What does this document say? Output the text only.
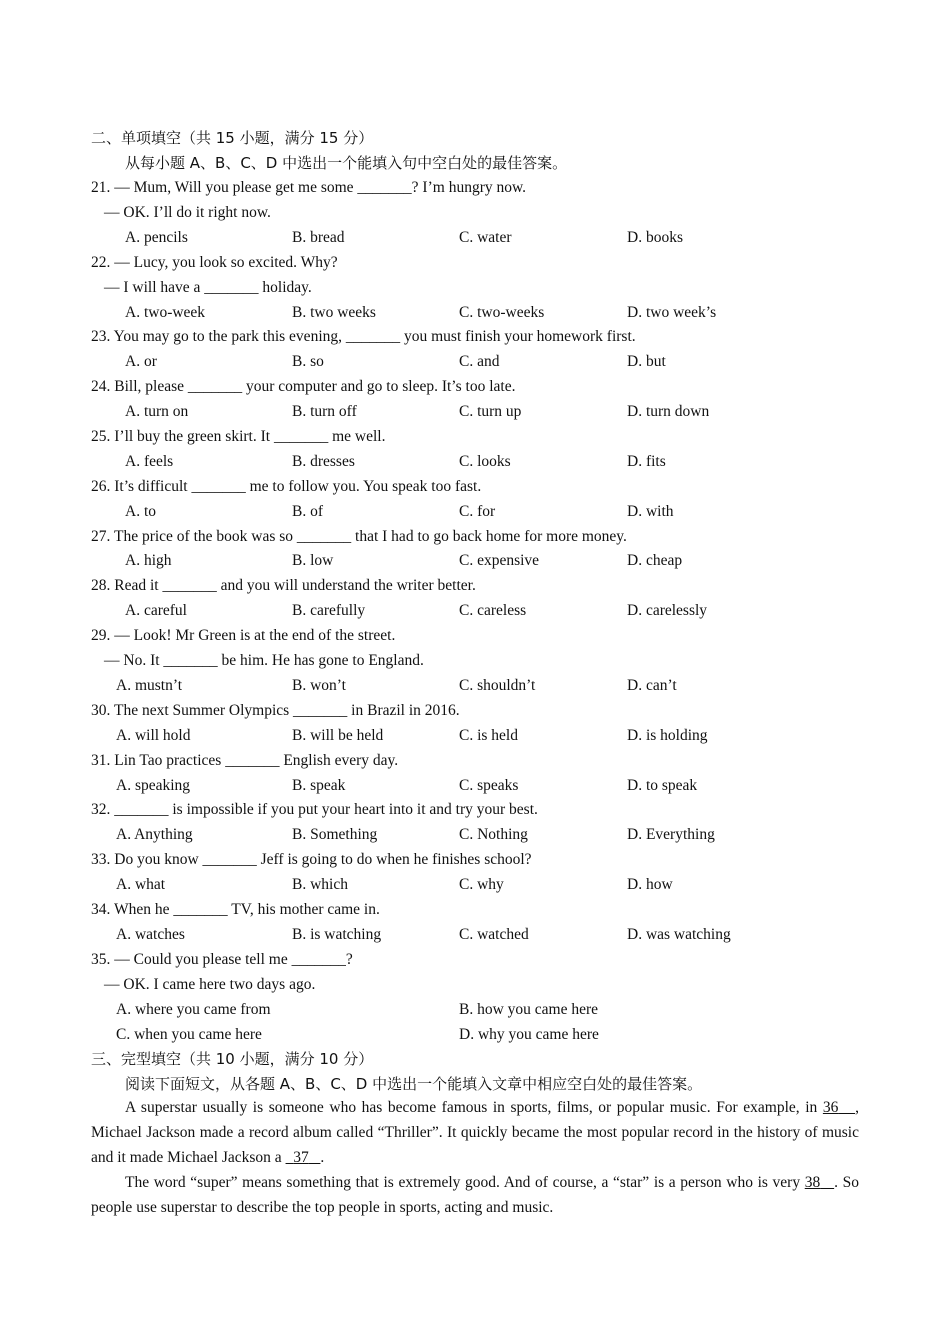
二、单项填空（共 15 小题，满分 15 分）
从每小题 A、B、C、D 中选出一个能填入句中空白处的最佳答案。
21. — Mum, Will you please get me some _______? I’m hungry now.
— OK. I’ll do it right now.
A. pencils	B. bread	C. water	D. books
22. — Lucy, you look so excited. Why?
— I will have a _______ holiday.
A. two-week	B. two weeks	C. two-weeks	D. two week’s
23. You may go to the park this evening, _______ you must finish your homework first.
A. or	B. so	C. and	D. but
24. Bill, please _______ your computer and go to sleep. It’s too late.
A. turn on	B. turn off	C. turn up	D. turn down
25. I’ll buy the green skirt. It _______ me well.
A. feels	B. dresses	C. looks	D. fits
26. It’s difficult _______ me to follow you. You speak too fast.
A. to	B. of	C. for	D. with
27. The price of the book was so _______ that I had to go back home for more money.
A. high	B. low	C. expensive	D. cheap
28. Read it _______ and you will understand the writer better.
A. careful	B. carefully	C. careless	D. carelessly
29. — Look! Mr Green is at the end of the street.
— No. It _______ be him. He has gone to England.
A. mustn’t	B. won’t	C. shouldn’t	D. can’t
30. The next Summer Olympics _______ in Brazil in 2016.
A. will hold	B. will be held	C. is held	D. is holding
31. Lin Tao practices _______ English every day.
A. speaking	B. speak	C. speaks	D. to speak
32. _______ is impossible if you put your heart into it and try your best.
A. Anything	B. Something	C. Nothing	D. Everything
33. Do you know _______ Jeff is going to do when he finishes school?
A. what	B. which	C. why	D. how
34. When he _______ TV, his mother came in.
A. watches	B. is watching	C. watched	D. was watching
35. — Could you please tell me _______?
— OK. I came here two days ago.
A. where you came from	B. how you came here
C. when you came here	D. why you came here
三、完型填空（共 10 小题，满分 10 分）
阅读下面短文，从各题 A、B、C、D 中选出一个能填入文章中相应空白处的最佳答案。
A superstar usually is someone who has become famous in sports, films, or popular music. For example, in 36 , Michael Jackson made a record album called “Thriller”. It quickly became the most popular record in the history of music and it made Michael Jackson a 37 .
The word “super” means something that is extremely good. And of course, a “star” is a person who is very 38 . So people use superstar to describe the top people in sports, acting and music.
